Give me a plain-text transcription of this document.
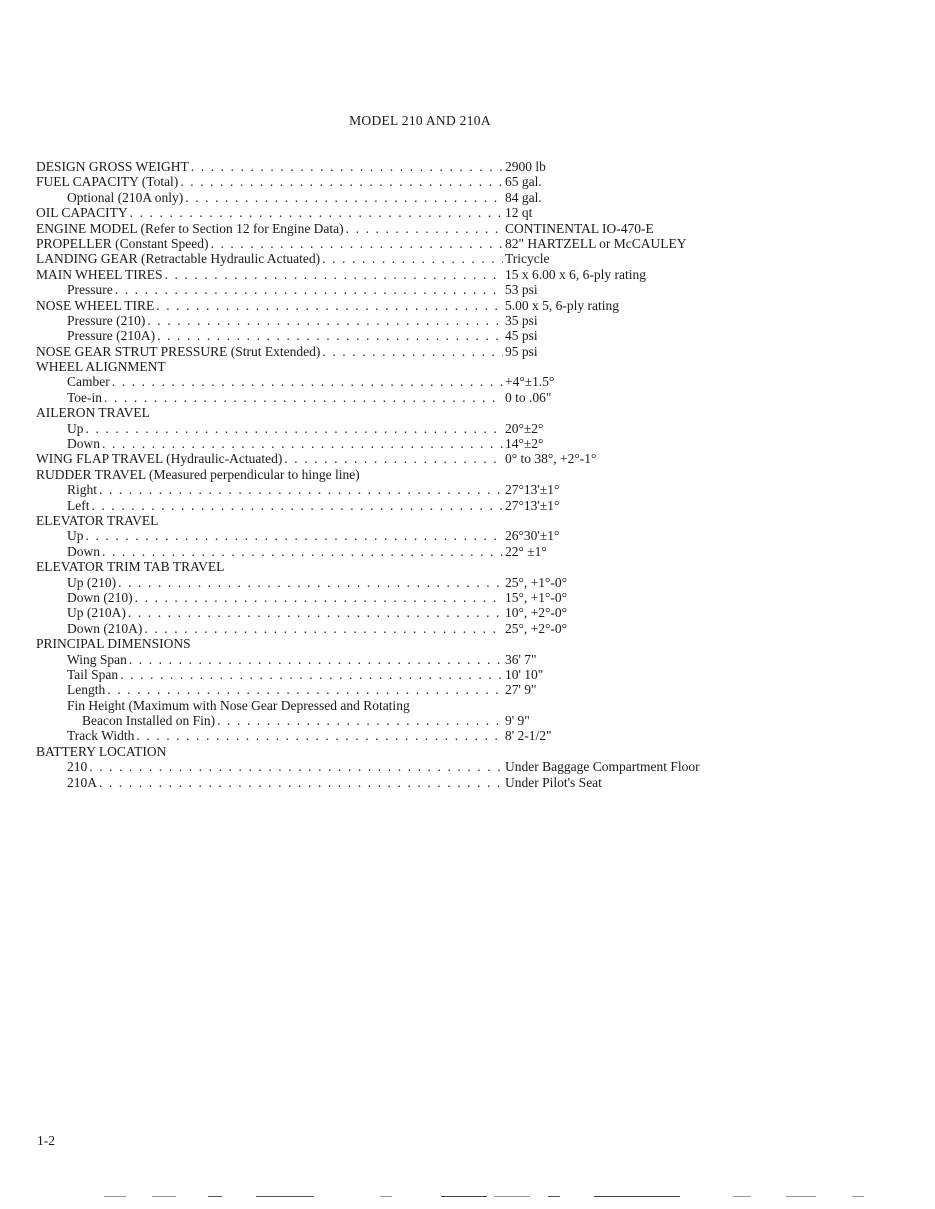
MODEL 210 AND 210A
DESIGN GROSS WEIGHT . . .	2900 lb
FUEL CAPACITY (Total) . . .	65 gal.
Optional (210A only) . . .	84 gal.
OIL CAPACITY . . .	12 qt
ENGINE MODEL (Refer to Section 12 for Engine Data) . . .	CONTINENTAL IO-470-E
PROPELLER (Constant Speed) . . .	82" HARTZELL or McCAULEY
LANDING GEAR (Retractable Hydraulic Actuated) . . .	Tricycle
MAIN WHEEL TIRES . . .	15 x 6.00 x 6, 6-ply rating
Pressure . . .	53 psi
NOSE WHEEL TIRE . . .	5.00 x 5, 6-ply rating
Pressure (210) . . .	35 psi
Pressure (210A) . . .	45 psi
NOSE GEAR STRUT PRESSURE (Strut Extended) . . .	95 psi
WHEEL ALIGNMENT
Camber . . .	+4°±1.5°
Toe-in . . .	0 to .06"
AILERON TRAVEL
Up . . .	20°±2°
Down . . .	14°±2°
WING FLAP TRAVEL (Hydraulic-Actuated) . . .	0° to 38°, +2°-1°
RUDDER TRAVEL (Measured perpendicular to hinge line)
Right . . .	27°13'±1°
Left . . .	27°13'±1°
ELEVATOR TRAVEL
Up . . .	26°30'±1°
Down . . .	22° ±1°
ELEVATOR TRIM TAB TRAVEL
Up (210) . . .	25°, +1°-0°
Down (210) . . .	15°, +1°-0°
Up (210A) . . .	10°, +2°-0°
Down (210A) . . .	25°, +2°-0°
PRINCIPAL DIMENSIONS
Wing Span . . .	36' 7"
Tail Span . . .	10' 10"
Length . . .	27' 9"
Fin Height (Maximum with Nose Gear Depressed and Rotating
Beacon Installed on Fin) . . .	9' 9"
Track Width . . .	8' 2-1/2"
BATTERY LOCATION
210 . . .	Under Baggage Compartment Floor
210A . . .	Under Pilot's Seat
1-2
